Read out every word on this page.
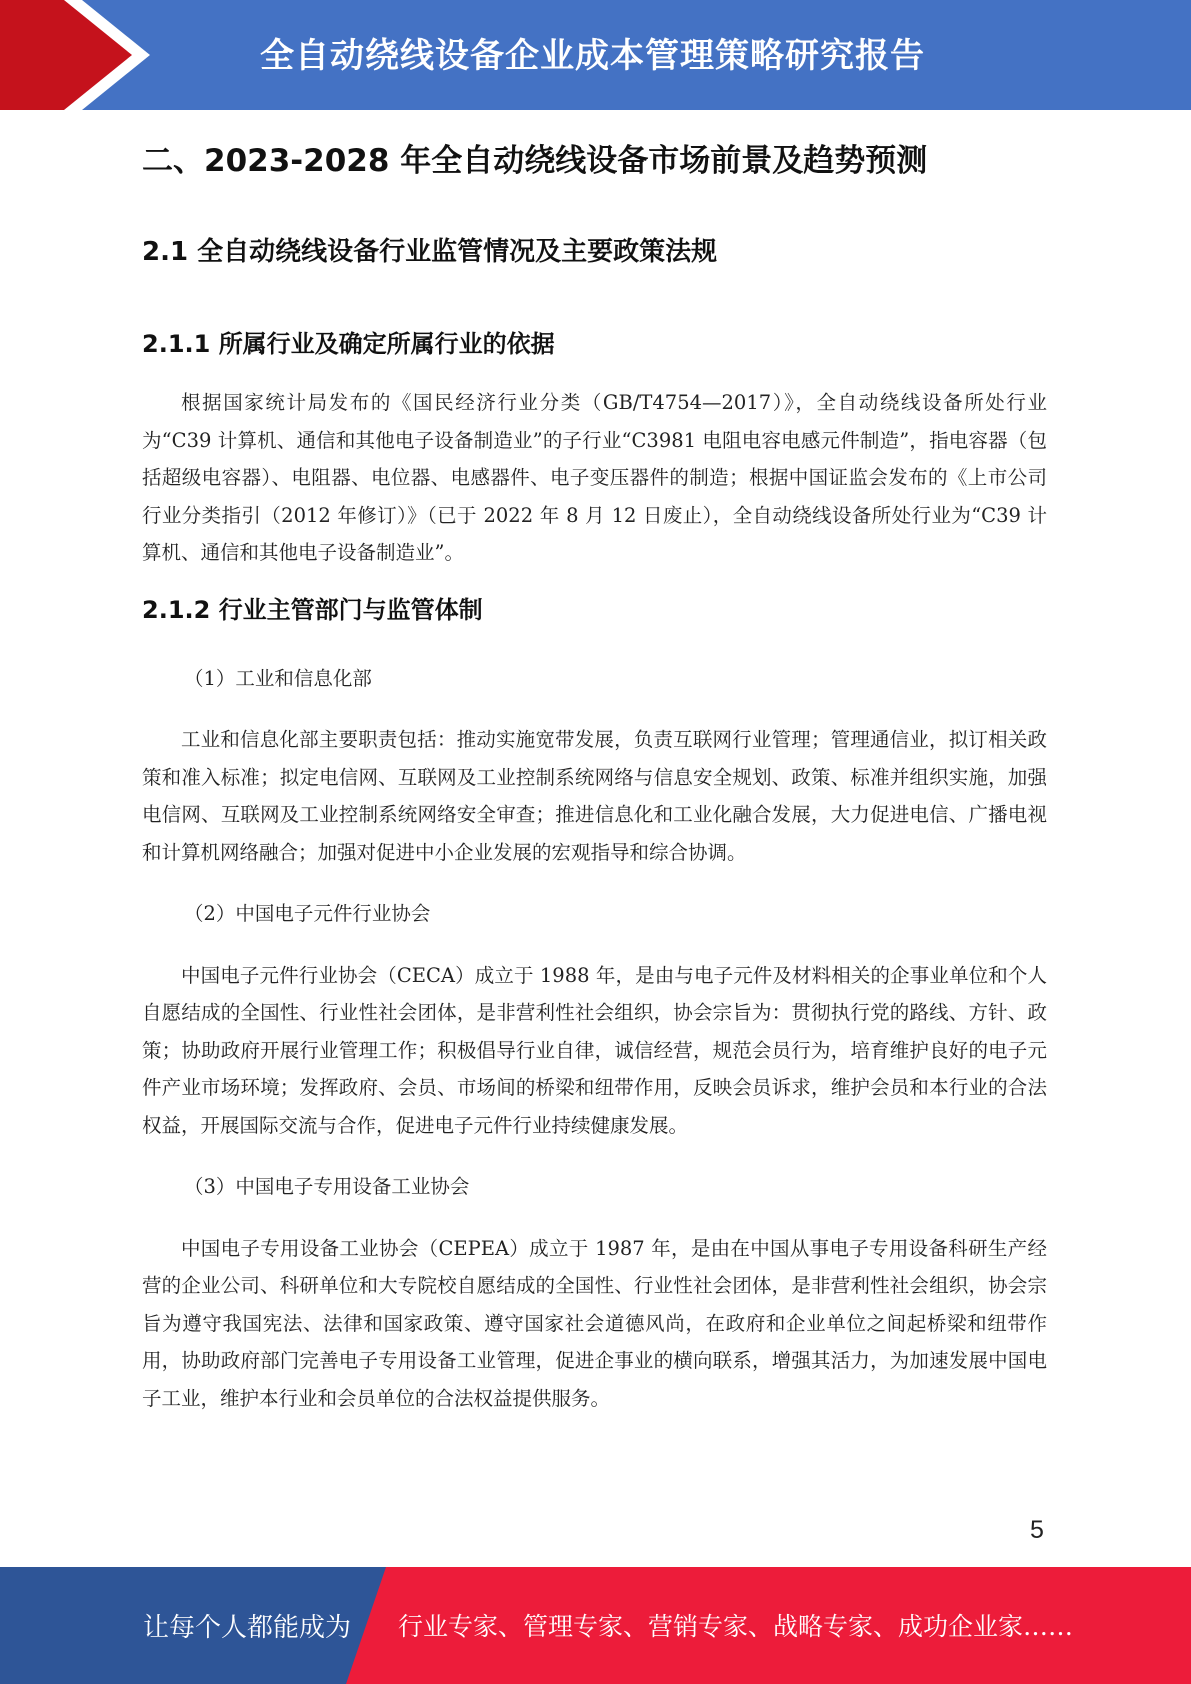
全自动绕线设备企业成本管理策略研究报告
二、2023-2028 年全自动绕线设备市场前景及趋势预测
2.1 全自动绕线设备行业监管情况及主要政策法规
2.1.1 所属行业及确定所属行业的依据

根据国家统计局发布的《国民经济行业分类（GB/T4754—2017）》，全自动绕线设备所处行业为“C39 计算机、通信和其他电子设备制造业”的子行业“C3981 电阻电容电感元件制造”，指电容器（包括超级电容器）、电阻器、电位器、电感器件、电子变压器件的制造；根据中国证监会发布的《上市公司行业分类指引（2012 年修订）》（已于 2022 年 8 月 12 日废止），全自动绕线设备所处行业为“C39 计算机、通信和其他电子设备制造业”。

2.1.2 行业主管部门与监管体制

（1）工业和信息化部

工业和信息化部主要职责包括：推动实施宽带发展，负责互联网行业管理；管理通信业，拟订相关政策和准入标准；拟定电信网、互联网及工业控制系统网络与信息安全规划、政策、标准并组织实施，加强电信网、互联网及工业控制系统网络安全审查；推进信息化和工业化融合发展，大力促进电信、广播电视和计算机网络融合；加强对促进中小企业发展的宏观指导和综合协调。

（2）中国电子元件行业协会

中国电子元件行业协会（CECA）成立于 1988 年，是由与电子元件及材料相关的企事业单位和个人自愿结成的全国性、行业性社会团体，是非营利性社会组织，协会宗旨为：贯彻执行党的路线、方针、政策；协助政府开展行业管理工作；积极倡导行业自律，诚信经营，规范会员行为，培育维护良好的电子元件产业市场环境；发挥政府、会员、市场间的桥梁和纽带作用，反映会员诉求，维护会员和本行业的合法权益，开展国际交流与合作，促进电子元件行业持续健康发展。

（3）中国电子专用设备工业协会

中国电子专用设备工业协会（CEPEA）成立于 1987 年，是由在中国从事电子专用设备科研生产经营的企业公司、科研单位和大专院校自愿结成的全国性、行业性社会团体，是非营利性社会组织，协会宗旨为遵守我国宪法、法律和国家政策、遵守国家社会道德风尚，在政府和企业单位之间起桥梁和纽带作用，协助政府部门完善电子专用设备工业管理，促进企事业的横向联系，增强其活力，为加速发展中国电子工业，维护本行业和会员单位的合法权益提供服务。

5
让每个人都能成为 行业专家、管理专家、营销专家、战略专家、成功企业家……
